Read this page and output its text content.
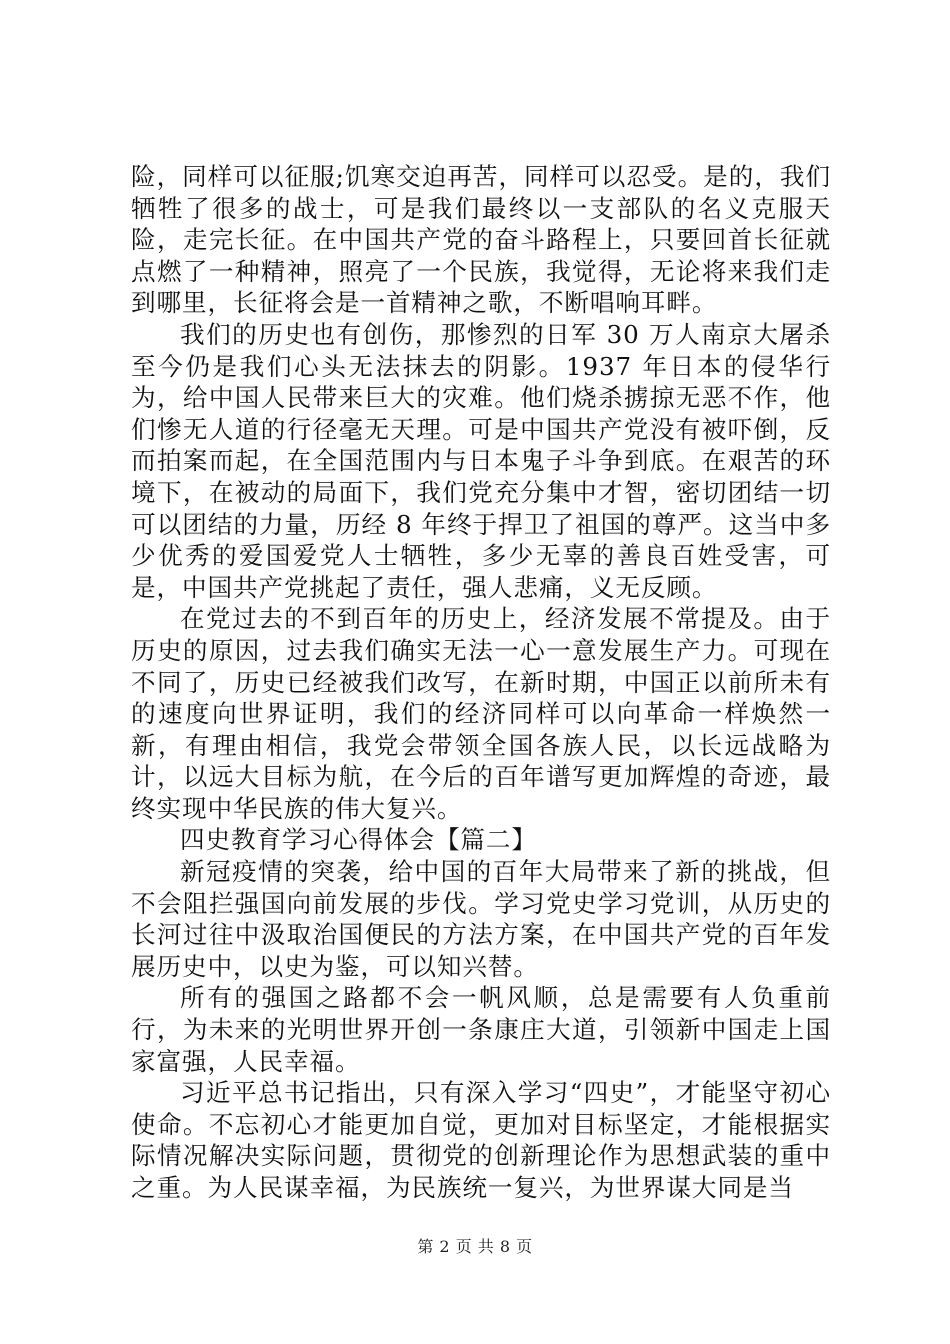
险，同样可以征服;饥寒交迫再苦，同样可以忍受。是的，我们牺牲了很多的战士，可是我们最终以一支部队的名义克服天险，走完长征。在中国共产党的奋斗路程上，只要回首长征就点燃了一种精神，照亮了一个民族，我觉得，无论将来我们走到哪里，长征将会是一首精神之歌，不断唱响耳畔。

我们的历史也有创伤，那惨烈的日军 30 万人南京大屠杀至今仍是我们心头无法抹去的阴影。1937 年日本的侵华行为，给中国人民带来巨大的灾难。他们烧杀掳掠无恶不作，他们惨无人道的行径毫无天理。可是中国共产党没有被吓倒，反而拍案而起，在全国范围内与日本鬼子斗争到底。在艰苦的环境下，在被动的局面下，我们党充分集中才智，密切团结一切可以团结的力量，历经 8 年终于捍卫了祖国的尊严。这当中多少优秀的爱国爱党人士牺牲，多少无辜的善良百姓受害，可是，中国共产党挑起了责任，强人悲痛，义无反顾。

在党过去的不到百年的历史上，经济发展不常提及。由于历史的原因，过去我们确实无法一心一意发展生产力。可现在不同了，历史已经被我们改写，在新时期，中国正以前所未有的速度向世界证明，我们的经济同样可以向革命一样焕然一新，有理由相信，我党会带领全国各族人民，以长远战略为计，以远大目标为航，在今后的百年谱写更加辉煌的奇迹，最终实现中华民族的伟大复兴。

四史教育学习心得体会【篇二】

新冠疫情的突袭，给中国的百年大局带来了新的挑战，但不会阻拦强国向前发展的步伐。学习党史学习党训，从历史的长河过往中汲取治国便民的方法方案，在中国共产党的百年发展历史中，以史为鉴，可以知兴替。

所有的强国之路都不会一帆风顺，总是需要有人负重前行，为未来的光明世界开创一条康庄大道，引领新中国走上国家富强，人民幸福。

习近平总书记指出，只有深入学习“四史”，才能坚守初心使命。不忘初心才能更加自觉，更加对目标坚定，才能根据实际情况解决实际问题，贯彻党的创新理论作为思想武装的重中之重。为人民谋幸福，为民族统一复兴，为世界谋大同是当

第 2 页 共 8 页
